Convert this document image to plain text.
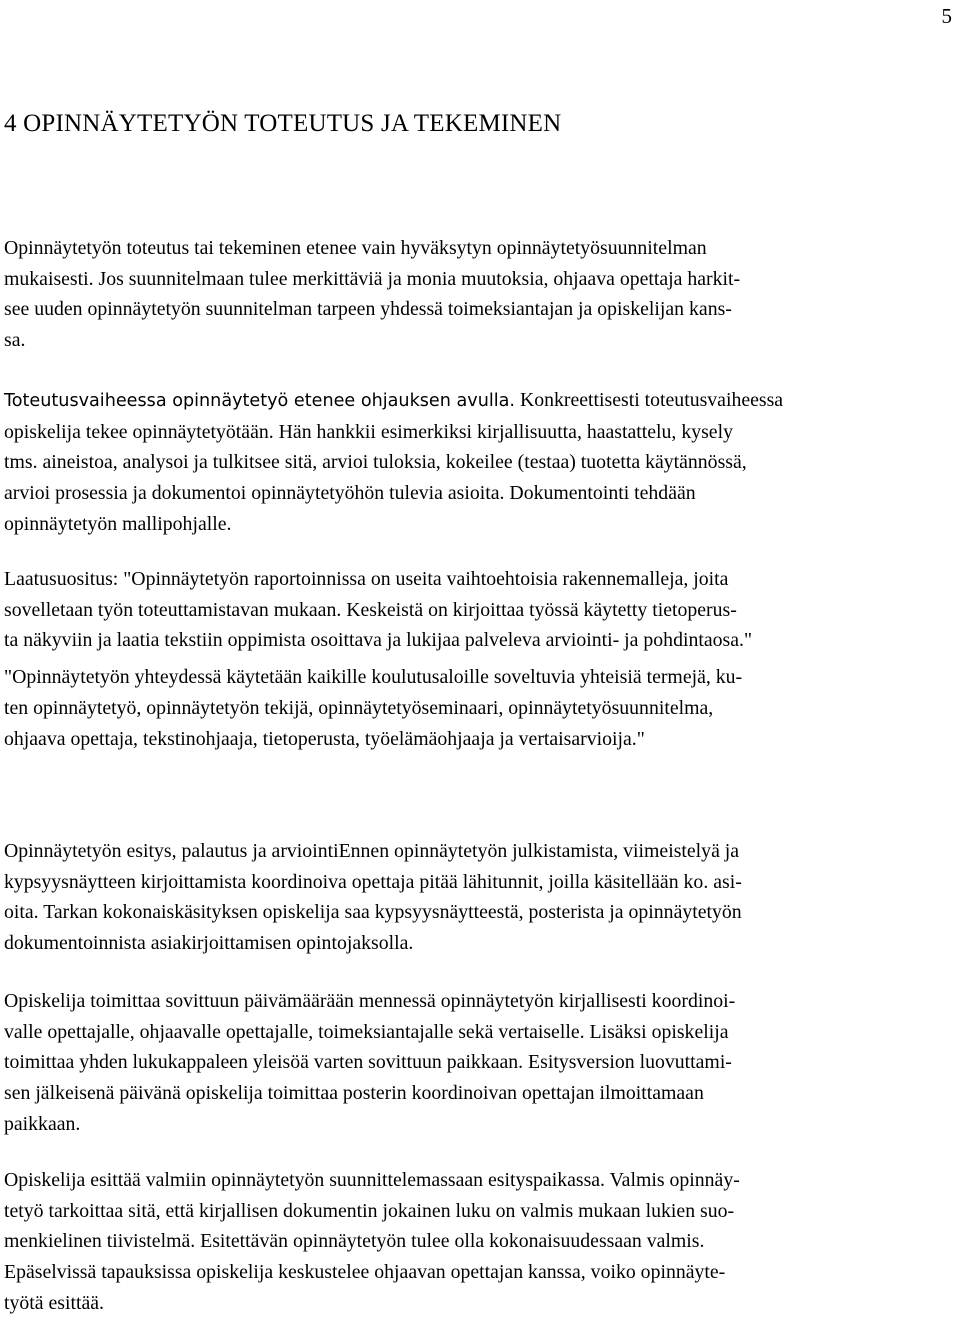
5
4 OPINNÄYTETYÖN TOTEUTUS JA TEKEMINEN
Opinnäytetyön toteutus tai tekeminen etenee vain hyväksytyn opinnäytetyösuunnitelman
mukaisesti. Jos suunnitelmaan tulee merkittäviä ja monia muutoksia, ohjaava opettaja harkit-
see uuden opinnäytetyön suunnitelman tarpeen yhdessä toimeksiantajan ja opiskelijan kans-
sa.
Toteutusvaiheessa opinnäytetyö etenee ohjauksen avulla. Konkreettisesti toteutusvaiheessa
opiskelija tekee opinnäytetyötään. Hän hankkii esimerkiksi kirjallisuutta, haastattelu, kysely
tms. aineistoa, analysoi ja tulkitsee sitä, arvioi tuloksia, kokeilee (testaa) tuotetta käytännössä,
arvioi prosessia ja dokumentoi opinnäytetyöhön tulevia asioita. Dokumentointi tehdään
opinnäytetyön mallipohjalle.
Laatusuositus: "Opinnäytetyön raportoinnissa on useita vaihtoehtoisia rakennemalleja, joita
sovelletaan työn toteuttamistavan mukaan. Keskeistä on kirjoittaa työssä käytetty tietoperus-
ta näkyviin ja laatia tekstiin oppimista osoittava ja lukijaa palveleva arviointi- ja pohdintaosa."
"Opinnäytetyön yhteydessä käytetään kaikille koulutusaloille soveltuvia yhteisiä termejä, ku-
ten opinnäytetyö, opinnäytetyön tekijä, opinnäytetyöseminaari, opinnäytetyösuunnitelma,
ohjaava opettaja, tekstinohjaaja, tietoperusta, työelämäohjaaja ja vertaisarvioija."
Opinnäytetyön esitys, palautus ja arviointiEnnen opinnäytetyön julkistamista, viimeistelyä ja
kypsyysnäytteen kirjoittamista koordinoiva opettaja pitää lähitunnit, joilla käsitellään ko. asi-
oita. Tarkan kokonaiskäsityksen opiskelija saa kypsyysnäytteestä, posterista ja opinnäytetyön
dokumentoinnista asiakirjoittamisen opintojaksolla.
Opiskelija toimittaa sovittuun päivämäärään mennessä opinnäytetyön kirjallisesti koordinoi-
valle opettajalle, ohjaavalle opettajalle, toimeksiantajalle sekä vertaiselle. Lisäksi opiskelija
toimittaa yhden lukukappaleen yleisöä varten sovittuun paikkaan. Esitysversion luovuttami-
sen jälkeisenä päivänä opiskelija toimittaa posterin koordinoivan opettajan ilmoittamaan
paikkaan.
Opiskelija esittää valmiin opinnäytetyön suunnittelemassaan esityspaikassa. Valmis opinnäy-
tetyö tarkoittaa sitä, että kirjallisen dokumentin jokainen luku on valmis mukaan lukien suo-
menkielinen tiivistelmä. Esitettävän opinnäytetyön tulee olla kokonaisuudessaan valmis.
Epäselvissä tapauksissa opiskelija keskustelee ohjaavan opettajan kanssa, voiko opinnäyte-
työtä esittää.
